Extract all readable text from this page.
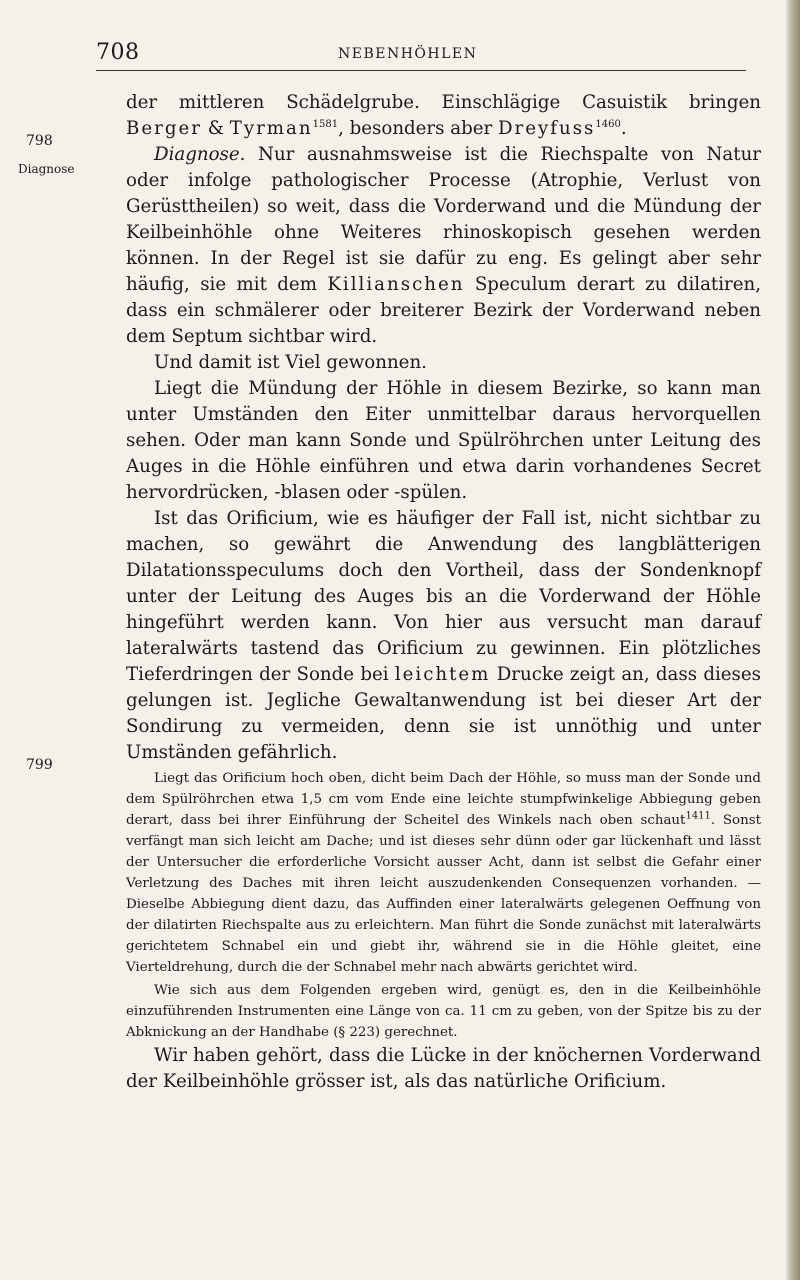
708	NEBENHÖHLEN
798
Diagnose
799

der mittleren Schädelgrube. Einschlägige Casuistik bringen Berger & Tyrman$^{1581}$, besonders aber Dreyfuss$^{1460}$.

Diagnose. Nur ausnahmsweise ist die Riechspalte von Natur oder infolge pathologischer Processe (Atrophie, Verlust von Gerüsttheilen) so weit, dass die Vorderwand und die Mündung der Keilbeinhöhle ohne Weiteres rhinoskopisch gesehen werden können. In der Regel ist sie dafür zu eng. Es gelingt aber sehr häufig, sie mit dem Killianschen Speculum derart zu dilatiren, dass ein schmälerer oder breiterer Bezirk der Vorderwand neben dem Septum sichtbar wird.

Und damit ist Viel gewonnen.

Liegt die Mündung der Höhle in diesem Bezirke, so kann man unter Umständen den Eiter unmittelbar daraus hervorquellen sehen. Oder man kann Sonde und Spülröhrchen unter Leitung des Auges in die Höhle einführen und etwa darin vorhandenes Secret hervordrücken, -blasen oder -spülen.

Ist das Orificium, wie es häufiger der Fall ist, nicht sichtbar zu machen, so gewährt die Anwendung des langblätterigen Dilatationsspeculums doch den Vortheil, dass der Sondenknopf unter der Leitung des Auges bis an die Vorderwand der Höhle hingeführt werden kann. Von hier aus versucht man darauf lateralwärts tastend das Orificium zu gewinnen. Ein plötzliches Tieferdringen der Sonde bei leichtem Drucke zeigt an, dass dieses gelungen ist. Jegliche Gewaltanwendung ist bei dieser Art der Sondirung zu vermeiden, denn sie ist unnöthig und unter Umständen gefährlich.

Liegt das Orificium hoch oben, dicht beim Dach der Höhle, so muss man der Sonde und dem Spülröhrchen etwa 1,5 cm vom Ende eine leichte stumpfwinkelige Abbiegung geben derart, dass bei ihrer Einführung der Scheitel des Winkels nach oben schaut$^{1411}$. Sonst verfängt man sich leicht am Dache; und ist dieses sehr dünn oder gar lückenhaft und lässt der Untersucher die erforderliche Vorsicht ausser Acht, dann ist selbst die Gefahr einer Verletzung des Daches mit ihren leicht auszudenkenden Consequenzen vorhanden. — Dieselbe Abbiegung dient dazu, das Auffinden einer lateralwärts gelegenen Oeffnung von der dilatirten Riechspalte aus zu erleichtern. Man führt die Sonde zunächst mit lateralwärts gerichtetem Schnabel ein und giebt ihr, während sie in die Höhle gleitet, eine Vierteldrehung, durch die der Schnabel mehr nach abwärts gerichtet wird.

Wie sich aus dem Folgenden ergeben wird, genügt es, den in die Keilbeinhöhle einzuführenden Instrumenten eine Länge von ca. 11 cm zu geben, von der Spitze bis zu der Abknickung an der Handhabe (§ 223) gerechnet.

Wir haben gehört, dass die Lücke in der knöchernen Vorderwand der Keilbeinhöhle grösser ist, als das natürliche Orificium.
